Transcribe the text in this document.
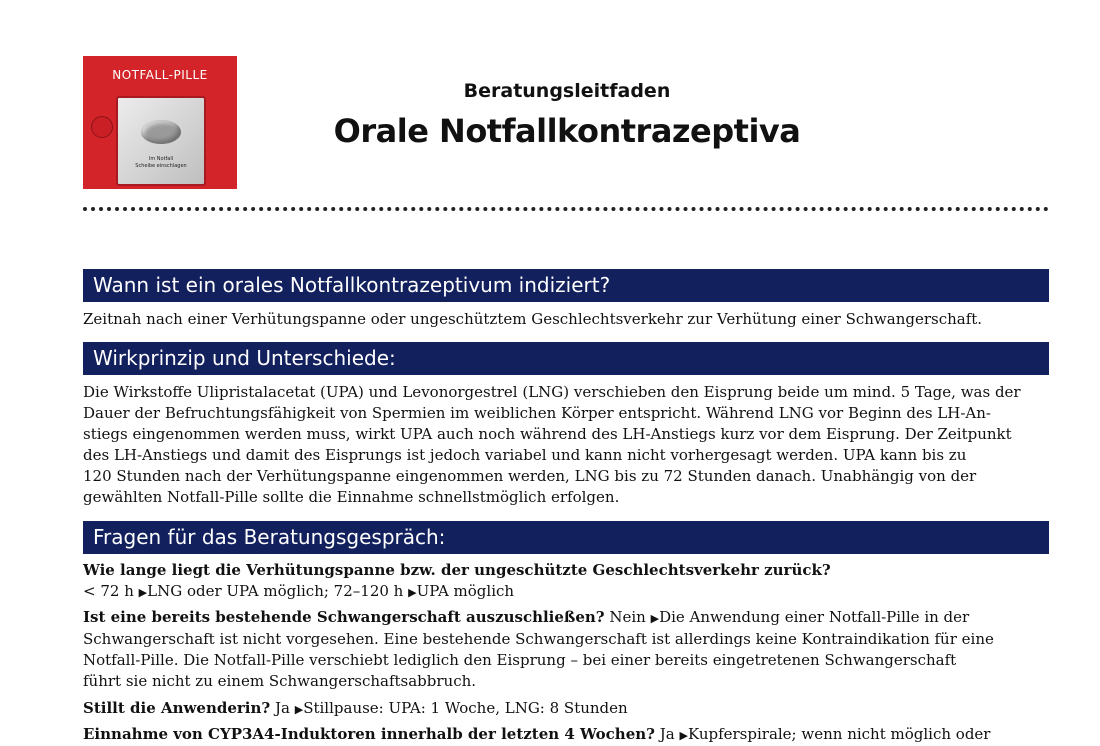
NOTFALL-PILLE
Im Notfall
Scheibe einschlagen
Beratungsleitfaden
Orale Notfallkontrazeptiva
Wann ist ein orales Notfallkontrazeptivum indiziert?

Zeitnah nach einer Verhütungspanne oder ungeschütztem Geschlechtsverkehr zur Verhütung einer Schwangerschaft.

Wirkprinzip und Unterschiede:

Die Wirkstoffe Ulipristalacetat (UPA) und Levonorgestrel (LNG) verschieben den Eisprung beide um mind. 5 Tage, was der

Dauer der Befruchtungsfähigkeit von Spermien im weiblichen Körper entspricht. Während LNG vor Beginn des LH-An-

stiegs eingenommen werden muss, wirkt UPA auch noch während des LH-Anstiegs kurz vor dem Eisprung. Der Zeitpunkt

des LH-Anstiegs und damit des Eisprungs ist jedoch variabel und kann nicht vorhergesagt werden. UPA kann bis zu

120 Stunden nach der Verhütungspanne eingenommen werden, LNG bis zu 72 Stunden danach. Unabhängig von der

gewählten Notfall-Pille sollte die Einnahme schnellstmöglich erfolgen.

Fragen für das Beratungsgespräch:

Wie lange liegt die Verhütungspanne bzw. der ungeschützte Geschlechtsverkehr zurück?

< 72 h ▶LNG oder UPA möglich; 72–120 h ▶UPA möglich

Ist eine bereits bestehende Schwangerschaft auszuschließen? Nein ▶Die Anwendung einer Notfall-Pille in der

Schwangerschaft ist nicht vorgesehen. Eine bestehende Schwangerschaft ist allerdings keine Kontraindikation für eine

Notfall-Pille. Die Notfall-Pille verschiebt lediglich den Eisprung – bei einer bereits eingetretenen Schwangerschaft

führt sie nicht zu einem Schwangerschaftsabbruch.

Stillt die Anwenderin? Ja ▶Stillpause: UPA: 1 Woche, LNG: 8 Stunden

Einnahme von CYP3A4-Induktoren innerhalb der letzten 4 Wochen? Ja ▶Kupferspirale; wenn nicht möglich oder
